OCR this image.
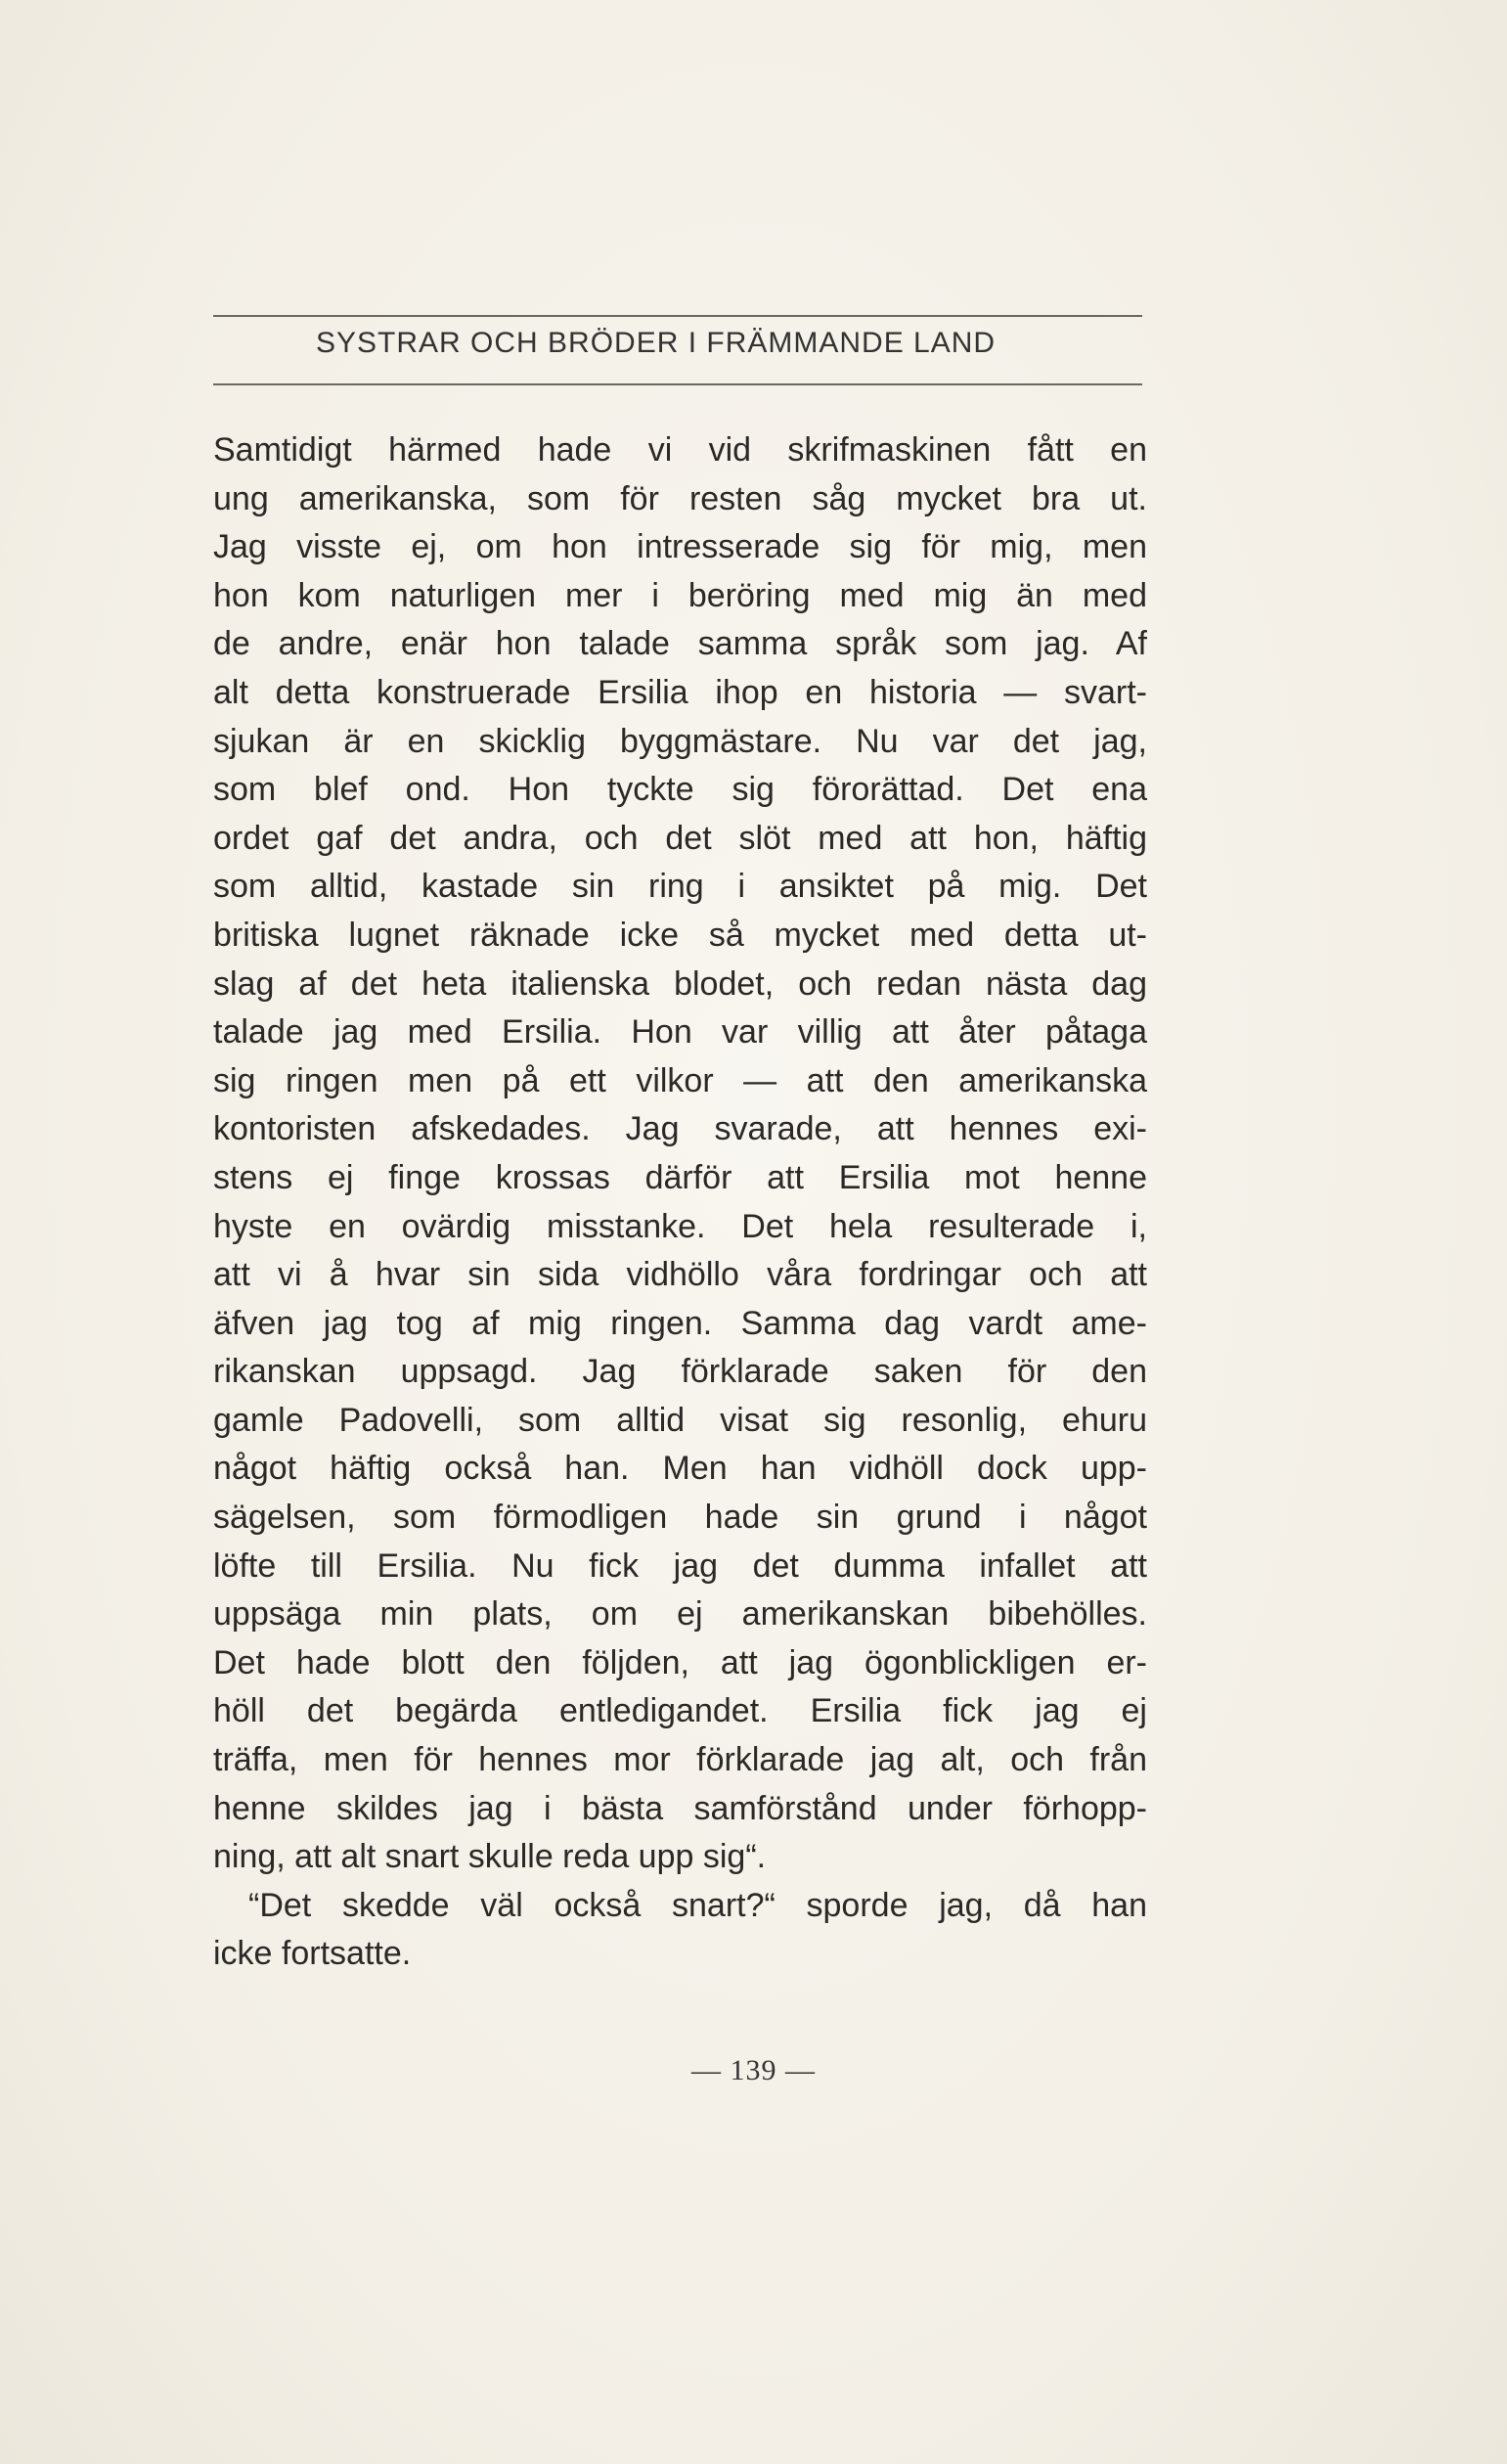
SYSTRAR OCH BRÖDER I FRÄMMANDE LAND
Samtidigt härmed hade vi vid skrifmaskinen fått en
ung amerikanska, som för resten såg mycket bra ut.
Jag visste ej, om hon intresserade sig för mig, men
hon kom naturligen mer i beröring med mig än med
de andre, enär hon talade samma språk som jag. Af
alt detta konstruerade Ersilia ihop en historia — svart-
sjukan är en skicklig byggmästare. Nu var det jag,
som blef ond. Hon tyckte sig förorättad. Det ena
ordet gaf det andra, och det slöt med att hon, häftig
som alltid, kastade sin ring i ansiktet på mig. Det
britiska lugnet räknade icke så mycket med detta ut-
slag af det heta italienska blodet, och redan nästa dag
talade jag med Ersilia. Hon var villig att åter påtaga
sig ringen men på ett vilkor — att den amerikanska
kontoristen afskedades. Jag svarade, att hennes exi-
stens ej finge krossas därför att Ersilia mot henne
hyste en ovärdig misstanke. Det hela resulterade i,
att vi å hvar sin sida vidhöllo våra fordringar och att
äfven jag tog af mig ringen. Samma dag vardt ame-
rikanskan uppsagd. Jag förklarade saken för den
gamle Padovelli, som alltid visat sig resonlig, ehuru
något häftig också han. Men han vidhöll dock upp-
sägelsen, som förmodligen hade sin grund i något
löfte till Ersilia. Nu fick jag det dumma infallet att
uppsäga min plats, om ej amerikanskan bibehölles.
Det hade blott den följden, att jag ögonblickligen er-
höll det begärda entledigandet. Ersilia fick jag ej
träffa, men för hennes mor förklarade jag alt, och från
henne skildes jag i bästa samförstånd under förhopp-
ning, att alt snart skulle reda upp sig“.
“Det skedde väl också snart?“ sporde jag, då han
icke fortsatte.
— 139 —
